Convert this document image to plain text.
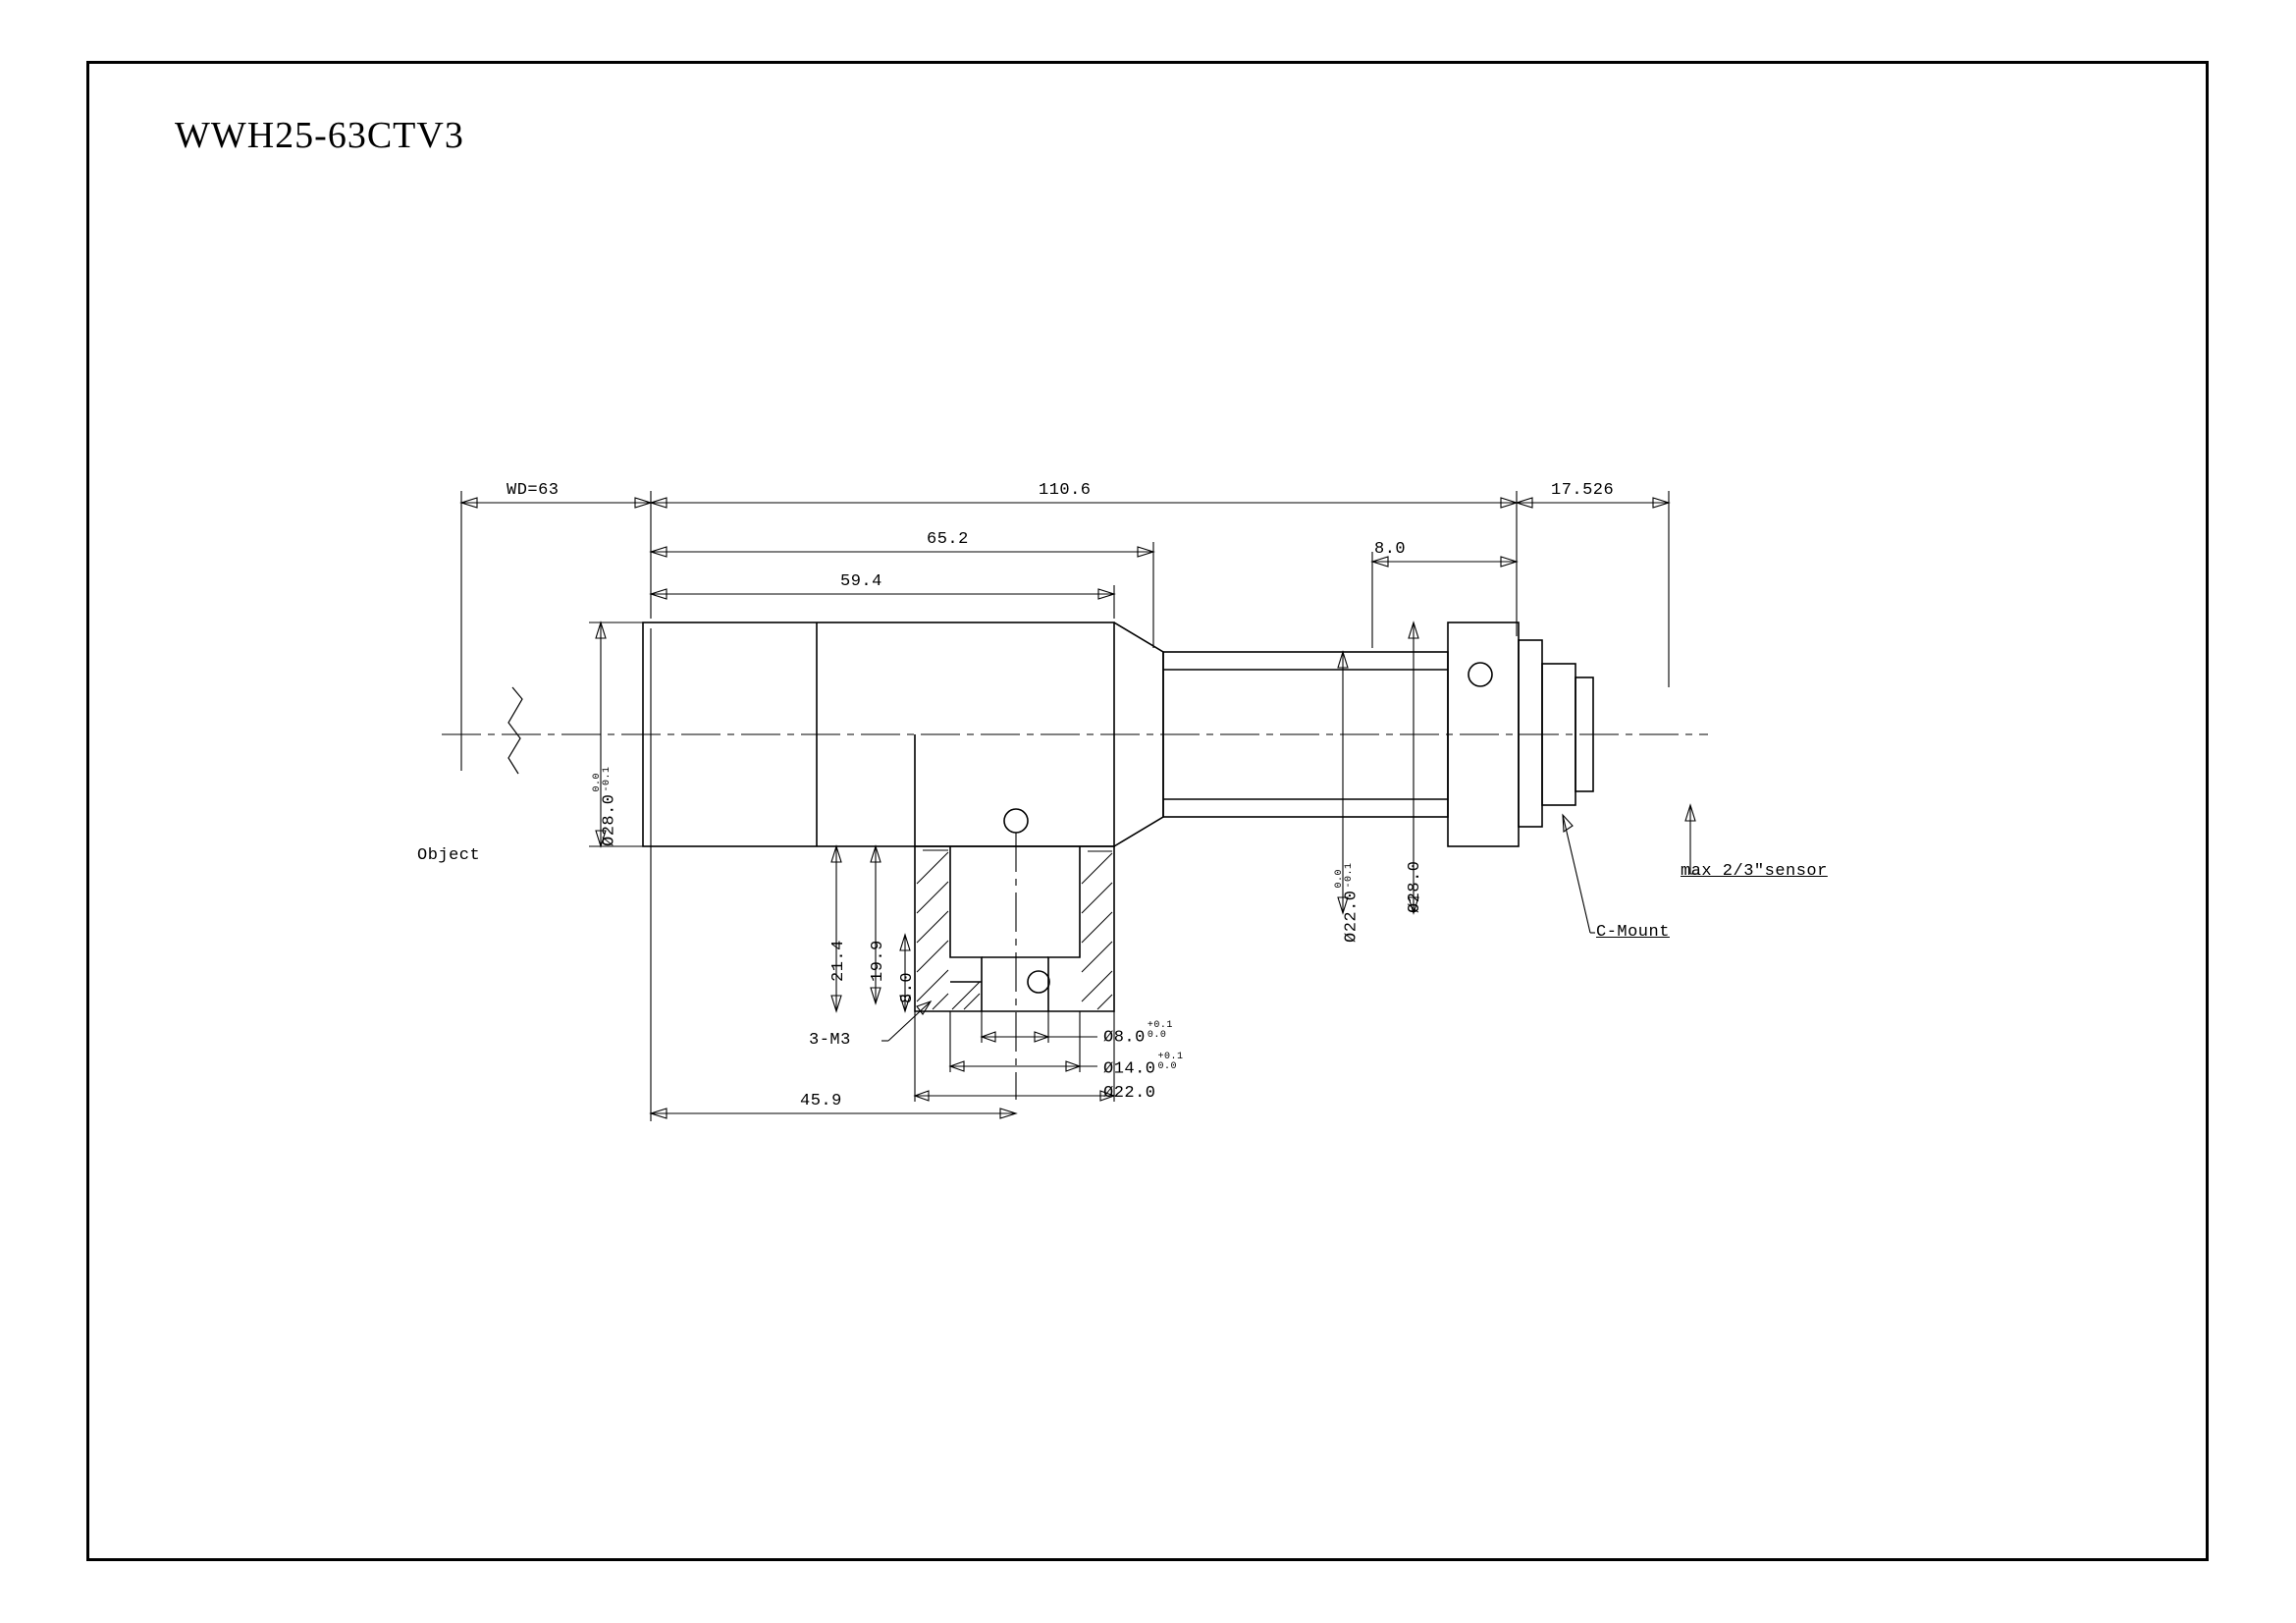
WWH25-63CTV3
WD=63	110.6	17.526
65.2
59.4
8.0
Object
Ø28.0
0.0 -0.1
Ø22.0
0.0 -0.1	Ø28.0
21.4 19.9
8.0
3-M3	Ø8.0
+0.1
0.0
Ø14.0
+0.1
0.0
Ø22.0
45.9
C-Mount
max 2/3″sensor
